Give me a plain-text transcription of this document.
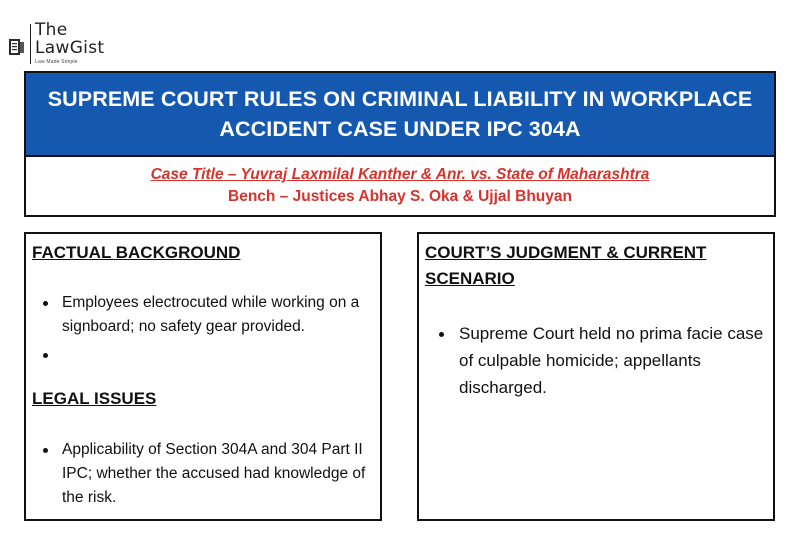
The
LawGist
Law Made Simple
SUPREME COURT RULES ON CRIMINAL LIABILITY IN WORKPLACE
ACCIDENT CASE UNDER IPC 304A
Case Title – Yuvraj Laxmilal Kanther & Anr. vs. State of Maharashtra
Bench – Justices Abhay S. Oka & Ujjal Bhuyan
FACTUAL BACKGROUND
Employees electrocuted while working on a signboard; no safety gear provided.
LEGAL ISSUES
Applicability of Section 304A and 304 Part II IPC; whether the accused had knowledge of the risk.
COURT’S JUDGMENT & CURRENT SCENARIO
Supreme Court held no prima facie case of culpable homicide; appellants discharged.
